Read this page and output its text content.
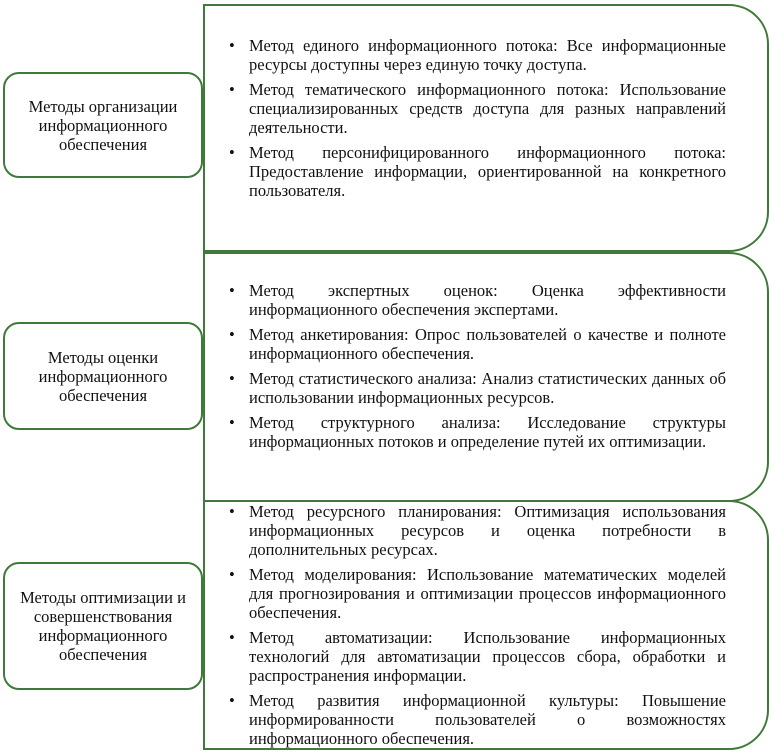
Методы организации информационного обеспечения
Методы оценки информационного обеспечения
Методы оптимизации и совершенствования информационного обеспечения
• Метод единого информационного потока: Все информационные ресурсы доступны через единую точку доступа.
• Метод тематического информационного потока: Использование специализированных средств доступа для разных направлений деятельности.
• Метод персонифицированного информационного потока: Предоставление информации, ориентированной на конкретного пользователя.
• Метод экспертных оценок: Оценка эффективности информационного обеспечения экспертами.
• Метод анкетирования: Опрос пользователей о качестве и полноте информационного обеспечения.
• Метод статистического анализа: Анализ статистических данных об использовании информационных ресурсов.
• Метод структурного анализа: Исследование структуры информационных потоков и определение путей их оптимизации.
• Метод ресурсного планирования: Оптимизация использования информационных ресурсов и оценка потребности в дополнительных ресурсах.
• Метод моделирования: Использование математических моделей для прогнозирования и оптимизации процессов информационного обеспечения.
• Метод автоматизации: Использование информационных технологий для автоматизации процессов сбора, обработки и распространения информации.
• Метод развития информационной культуры: Повышение информированности пользователей о возможностях информационного обеспечения.
